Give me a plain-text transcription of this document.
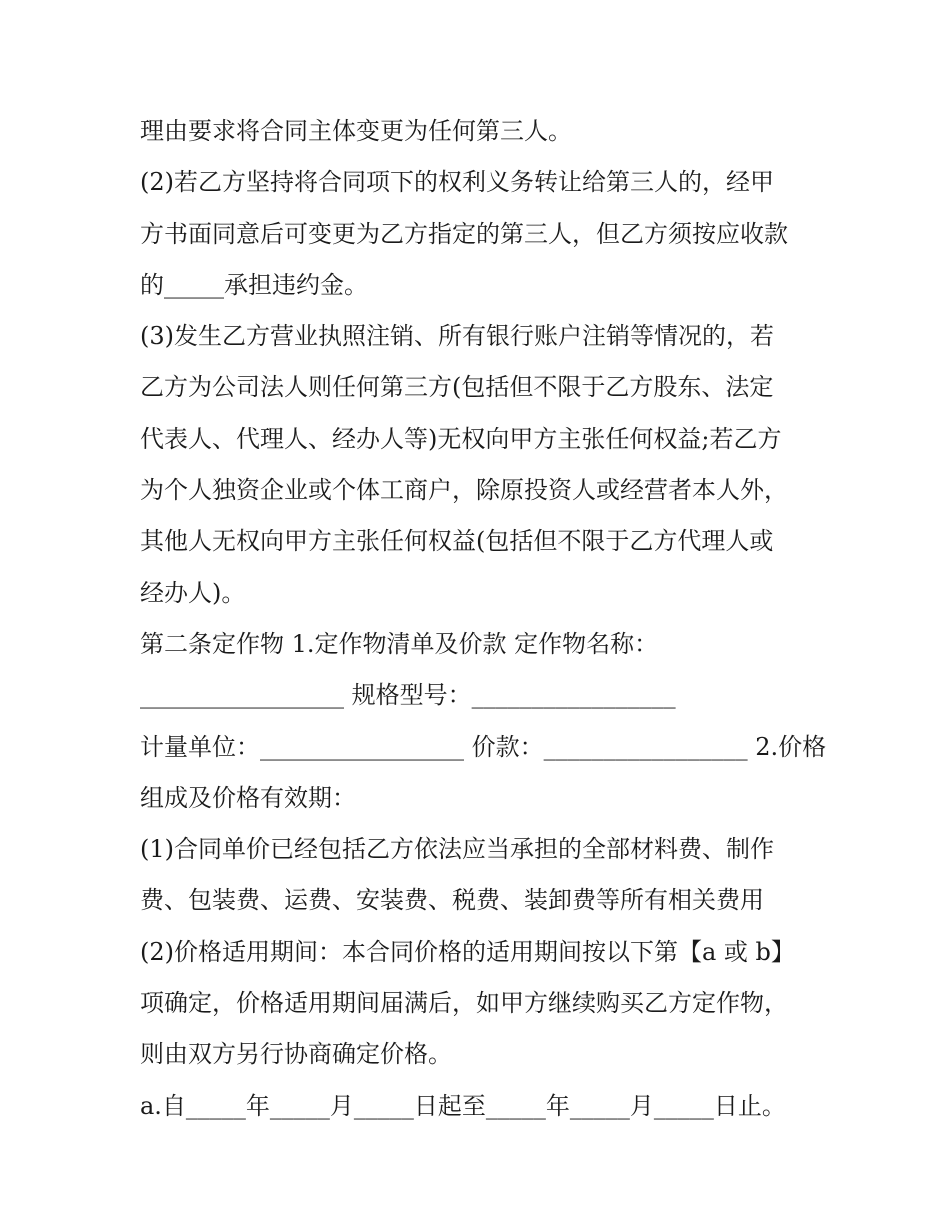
理由要求将合同主体变更为任何第三人。
(2)若乙方坚持将合同项下的权利义务转让给第三人的，经甲
方书面同意后可变更为乙方指定的第三人，但乙方须按应收款
的_____承担违约金。
(3)发生乙方营业执照注销、所有银行账户注销等情况的，若
乙方为公司法人则任何第三方(包括但不限于乙方股东、法定
代表人、代理人、经办人等)无权向甲方主张任何权益;若乙方
为个人独资企业或个体工商户，除原投资人或经营者本人外，
其他人无权向甲方主张任何权益(包括但不限于乙方代理人或
经办人)。
第二条定作物 1.定作物清单及价款 定作物名称：
_________________ 规格型号：_________________
计量单位：_________________ 价款：_________________ 2.价格
组成及价格有效期：
(1)合同单价已经包括乙方依法应当承担的全部材料费、制作
费、包装费、运费、安装费、税费、装卸费等所有相关费用
(2)价格适用期间：本合同价格的适用期间按以下第【a 或 b】
项确定，价格适用期间届满后，如甲方继续购买乙方定作物，
则由双方另行协商确定价格。
a.自_____年_____月_____日起至_____年_____月_____日止。
